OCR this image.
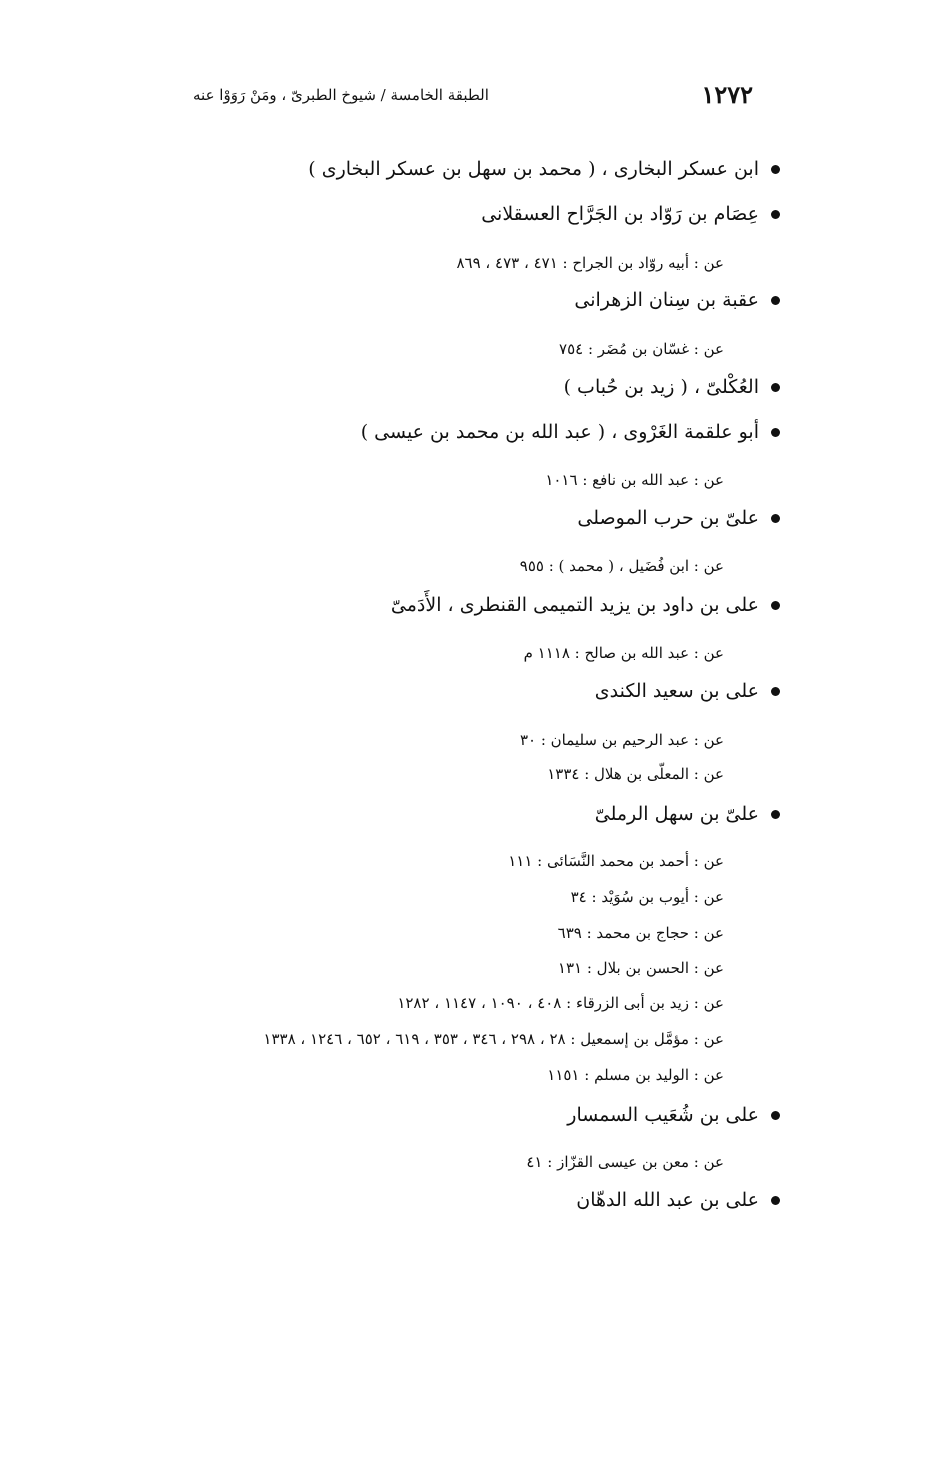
١٢٧٢
الطبقة الخامسة / شيوخ الطبرىّ ، ومَنْ رَوَوْا عنه
ابن عسكر البخارى ، ( محمد بن سهل بن عسكر البخارى )
عِصَام بن رَوّاد بن الجَرَّاح العسقلانى
عن : أبيه روّاد بن الجراح : ٤٧١ ، ٤٧٣ ، ٨٦٩
عقبة بن سِنان الزهرانى
عن : غسّان بن مُضَر : ٧٥٤
العُكْلىّ ، ( زيد بن حُباب )
أبو علقمة الغَرْوى ، ( عبد الله بن محمد بن عيسى )
عن : عبد الله بن نافع : ١٠١٦
علىّ بن حرب الموصلى
عن : ابن فُضَيل ، ( محمد ) : ٩٥٥
على بن داود بن يزيد التميمى القنطرى ، الأَدَمىّ
عن : عبد الله بن صالح : ١١١٨ م
على بن سعيد الكندى
عن : عبد الرحيم بن سليمان : ٣٠
عن : المعلّى بن هلال : ١٣٣٤
علىّ بن سهل الرملىّ
عن : أحمد بن محمد النَّسَائى : ١١١
عن : أيوب بن سُوَيْد : ٣٤
عن : حجاج بن محمد : ٦٣٩
عن : الحسن بن بلال : ١٣١
عن : زيد بن أبى الزرقاء : ٤٠٨ ، ١٠٩٠ ، ١١٤٧ ، ١٢٨٢
عن : مؤمَّل بن إسمعيل : ٢٨ ، ٢٩٨ ، ٣٤٦ ، ٣٥٣ ، ٦١٩ ، ٦٥٢ ، ١٢٤٦ ، ١٣٣٨
عن : الوليد بن مسلم : ١١٥١
على بن شُعَيب السمسار
عن : معن بن عيسى القزّاز : ٤١
على بن عبد الله الدهّان
